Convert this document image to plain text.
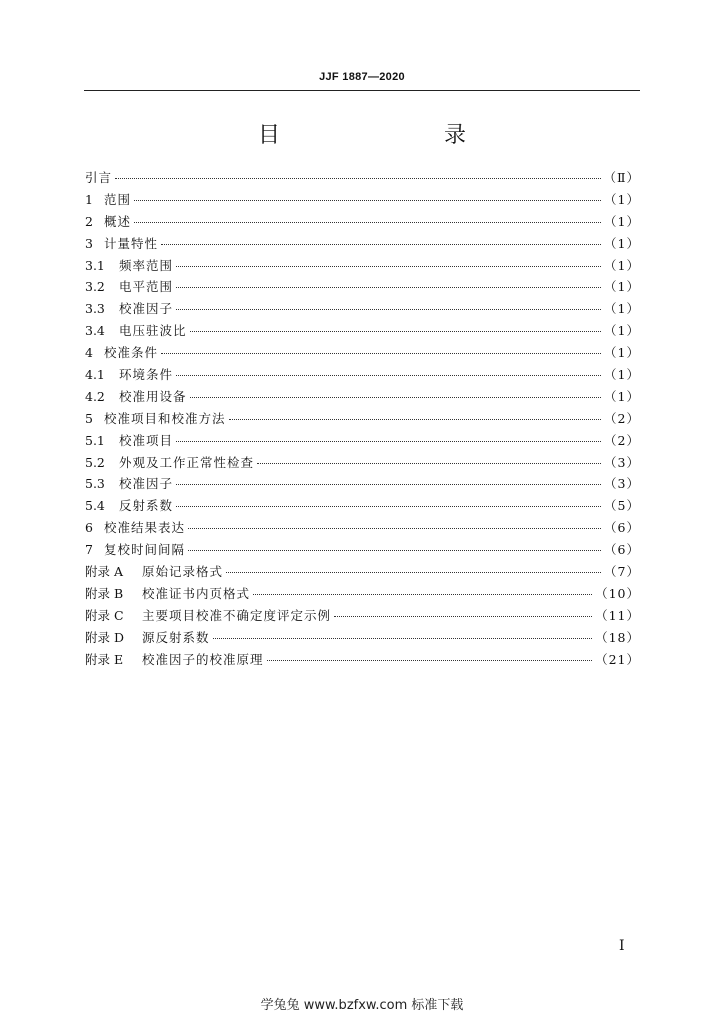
JJF 1887—2020
目　　录
引言	（Ⅱ）
1 范围	（1）
2 概述	（1）
3 计量特性	（1）
3.1	频率范围	（1）
3.2	电平范围	（1）
3.3	校准因子	（1）
3.4	电压驻波比	（1）
4 校准条件	（1）
4.1	环境条件	（1）
4.2	校准用设备	（1）
5 校准项目和校准方法	（2）
5.1	校准项目	（2）
5.2	外观及工作正常性检查	（3）
5.3	校准因子	（3）
5.4	反射系数	（5）
6 校准结果表达	（6）
7 复校时间间隔	（6）
附录 A	原始记录格式	（7）
附录 B	校准证书内页格式	（10）
附录 C	主要项目校准不确定度评定示例	（11）
附录 D	源反射系数	（18）
附录 E	校准因子的校准原理	（21）
I
学兔兔 www.bzfxw.com 标准下载
